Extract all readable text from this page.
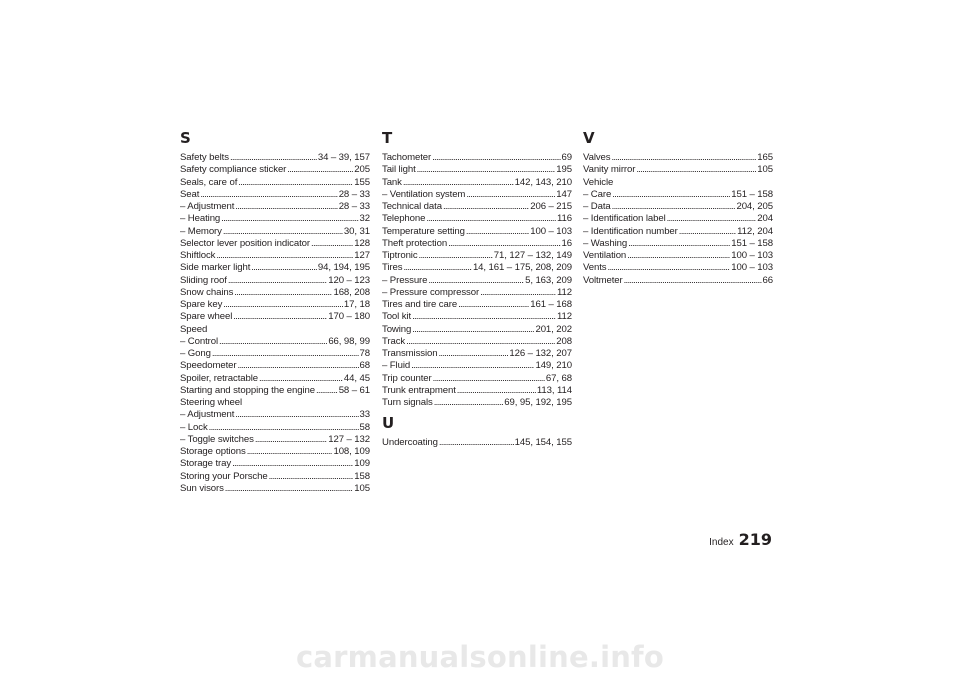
S
Safety belts . . .	34 – 39, 157
Safety compliance sticker . . .	205
Seals, care of . . .	155
Seat . . .	28 – 33
– Adjustment . . .	28 – 33
– Heating . . .	32
– Memory . . .	30, 31
Selector lever position indicator . . .	128
Shiftlock . . .	127
Side marker light . . .	94, 194, 195
Sliding roof . . .	120 – 123
Snow chains . . .	168, 208
Spare key . . .	17, 18
Spare wheel . . .	170 – 180
Speed
– Control . . .	66, 98, 99
– Gong . . .	78
Speedometer . . .	68
Spoiler, retractable . . .	44, 45
Starting and stopping the engine . . . 58 – 61
Steering wheel
– Adjustment . . .	33
– Lock . . .	58
– Toggle switches . . .	127 – 132
Storage options . . .	108, 109
Storage tray . . .	109
Storing your Porsche . . .	158
Sun visors . . .	105
T
Tachometer . . .	69
Tail light . . .	195
Tank . . .	142, 143, 210
– Ventilation system . . .	147
Technical data . . .	206 – 215
Telephone . . .	116
Temperature setting . . .	100 – 103
Theft protection . . .	16
Tiptronic . . .	71, 127 – 132, 149
Tires . . .	14, 161 – 175, 208, 209
– Pressure . . .	5, 163, 209
– Pressure compressor . . .	112
Tires and tire care . . .	161 – 168
Tool kit . . .	112
Towing . . .	201, 202
Track . . .	208
Transmission . . .	126 – 132, 207
– Fluid . . .	149, 210
Trip counter . . .	67, 68
Trunk entrapment . . .	113, 114
Turn signals . . .	69, 95, 192, 195
U
Undercoating . . .	145, 154, 155
V
Valves . . .	165
Vanity mirror . . .	105
Vehicle
– Care . . .	151 – 158
– Data . . .	204, 205
– Identification label . . .	204
– Identification number . . .	112, 204
– Washing . . .	151 – 158
Ventilation . . .	100 – 103
Vents . . .	100 – 103
Voltmeter . . .	66
Index 219
carmanualsonline.info
